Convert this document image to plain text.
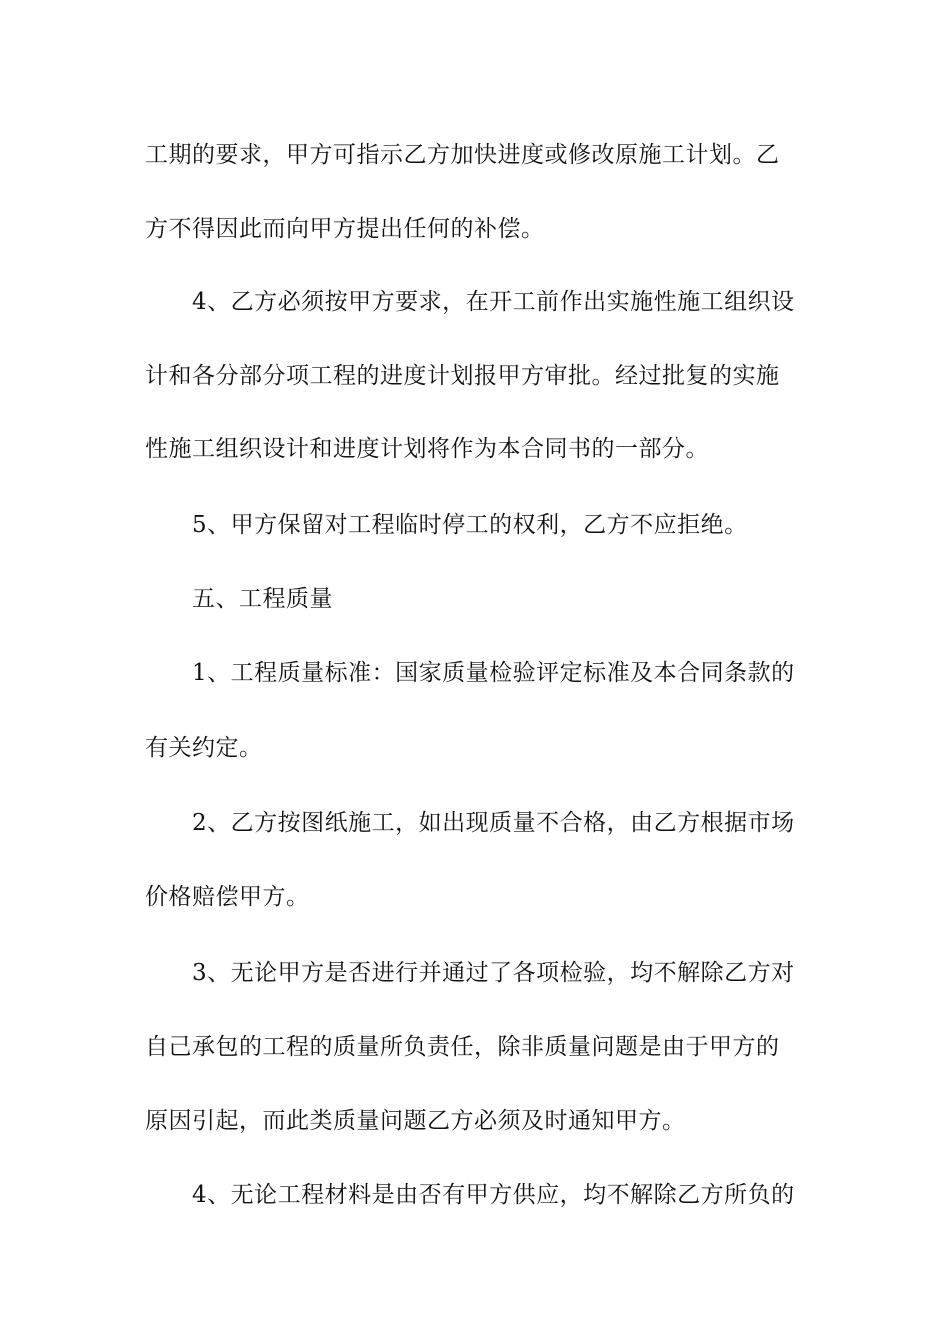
工期的要求，甲方可指示乙方加快进度或修改原施工计划。乙
方不得因此而向甲方提出任何的补偿。
4、乙方必须按甲方要求，在开工前作出实施性施工组织设
计和各分部分项工程的进度计划报甲方审批。经过批复的实施
性施工组织设计和进度计划将作为本合同书的一部分。
5、甲方保留对工程临时停工的权利，乙方不应拒绝。
五、工程质量
1、工程质量标准：国家质量检验评定标准及本合同条款的
有关约定。
2、乙方按图纸施工，如出现质量不合格，由乙方根据市场
价格赔偿甲方。
3、无论甲方是否进行并通过了各项检验，均不解除乙方对
自己承包的工程的质量所负责任，除非质量问题是由于甲方的
原因引起，而此类质量问题乙方必须及时通知甲方。
4、无论工程材料是由否有甲方供应，均不解除乙方所负的
